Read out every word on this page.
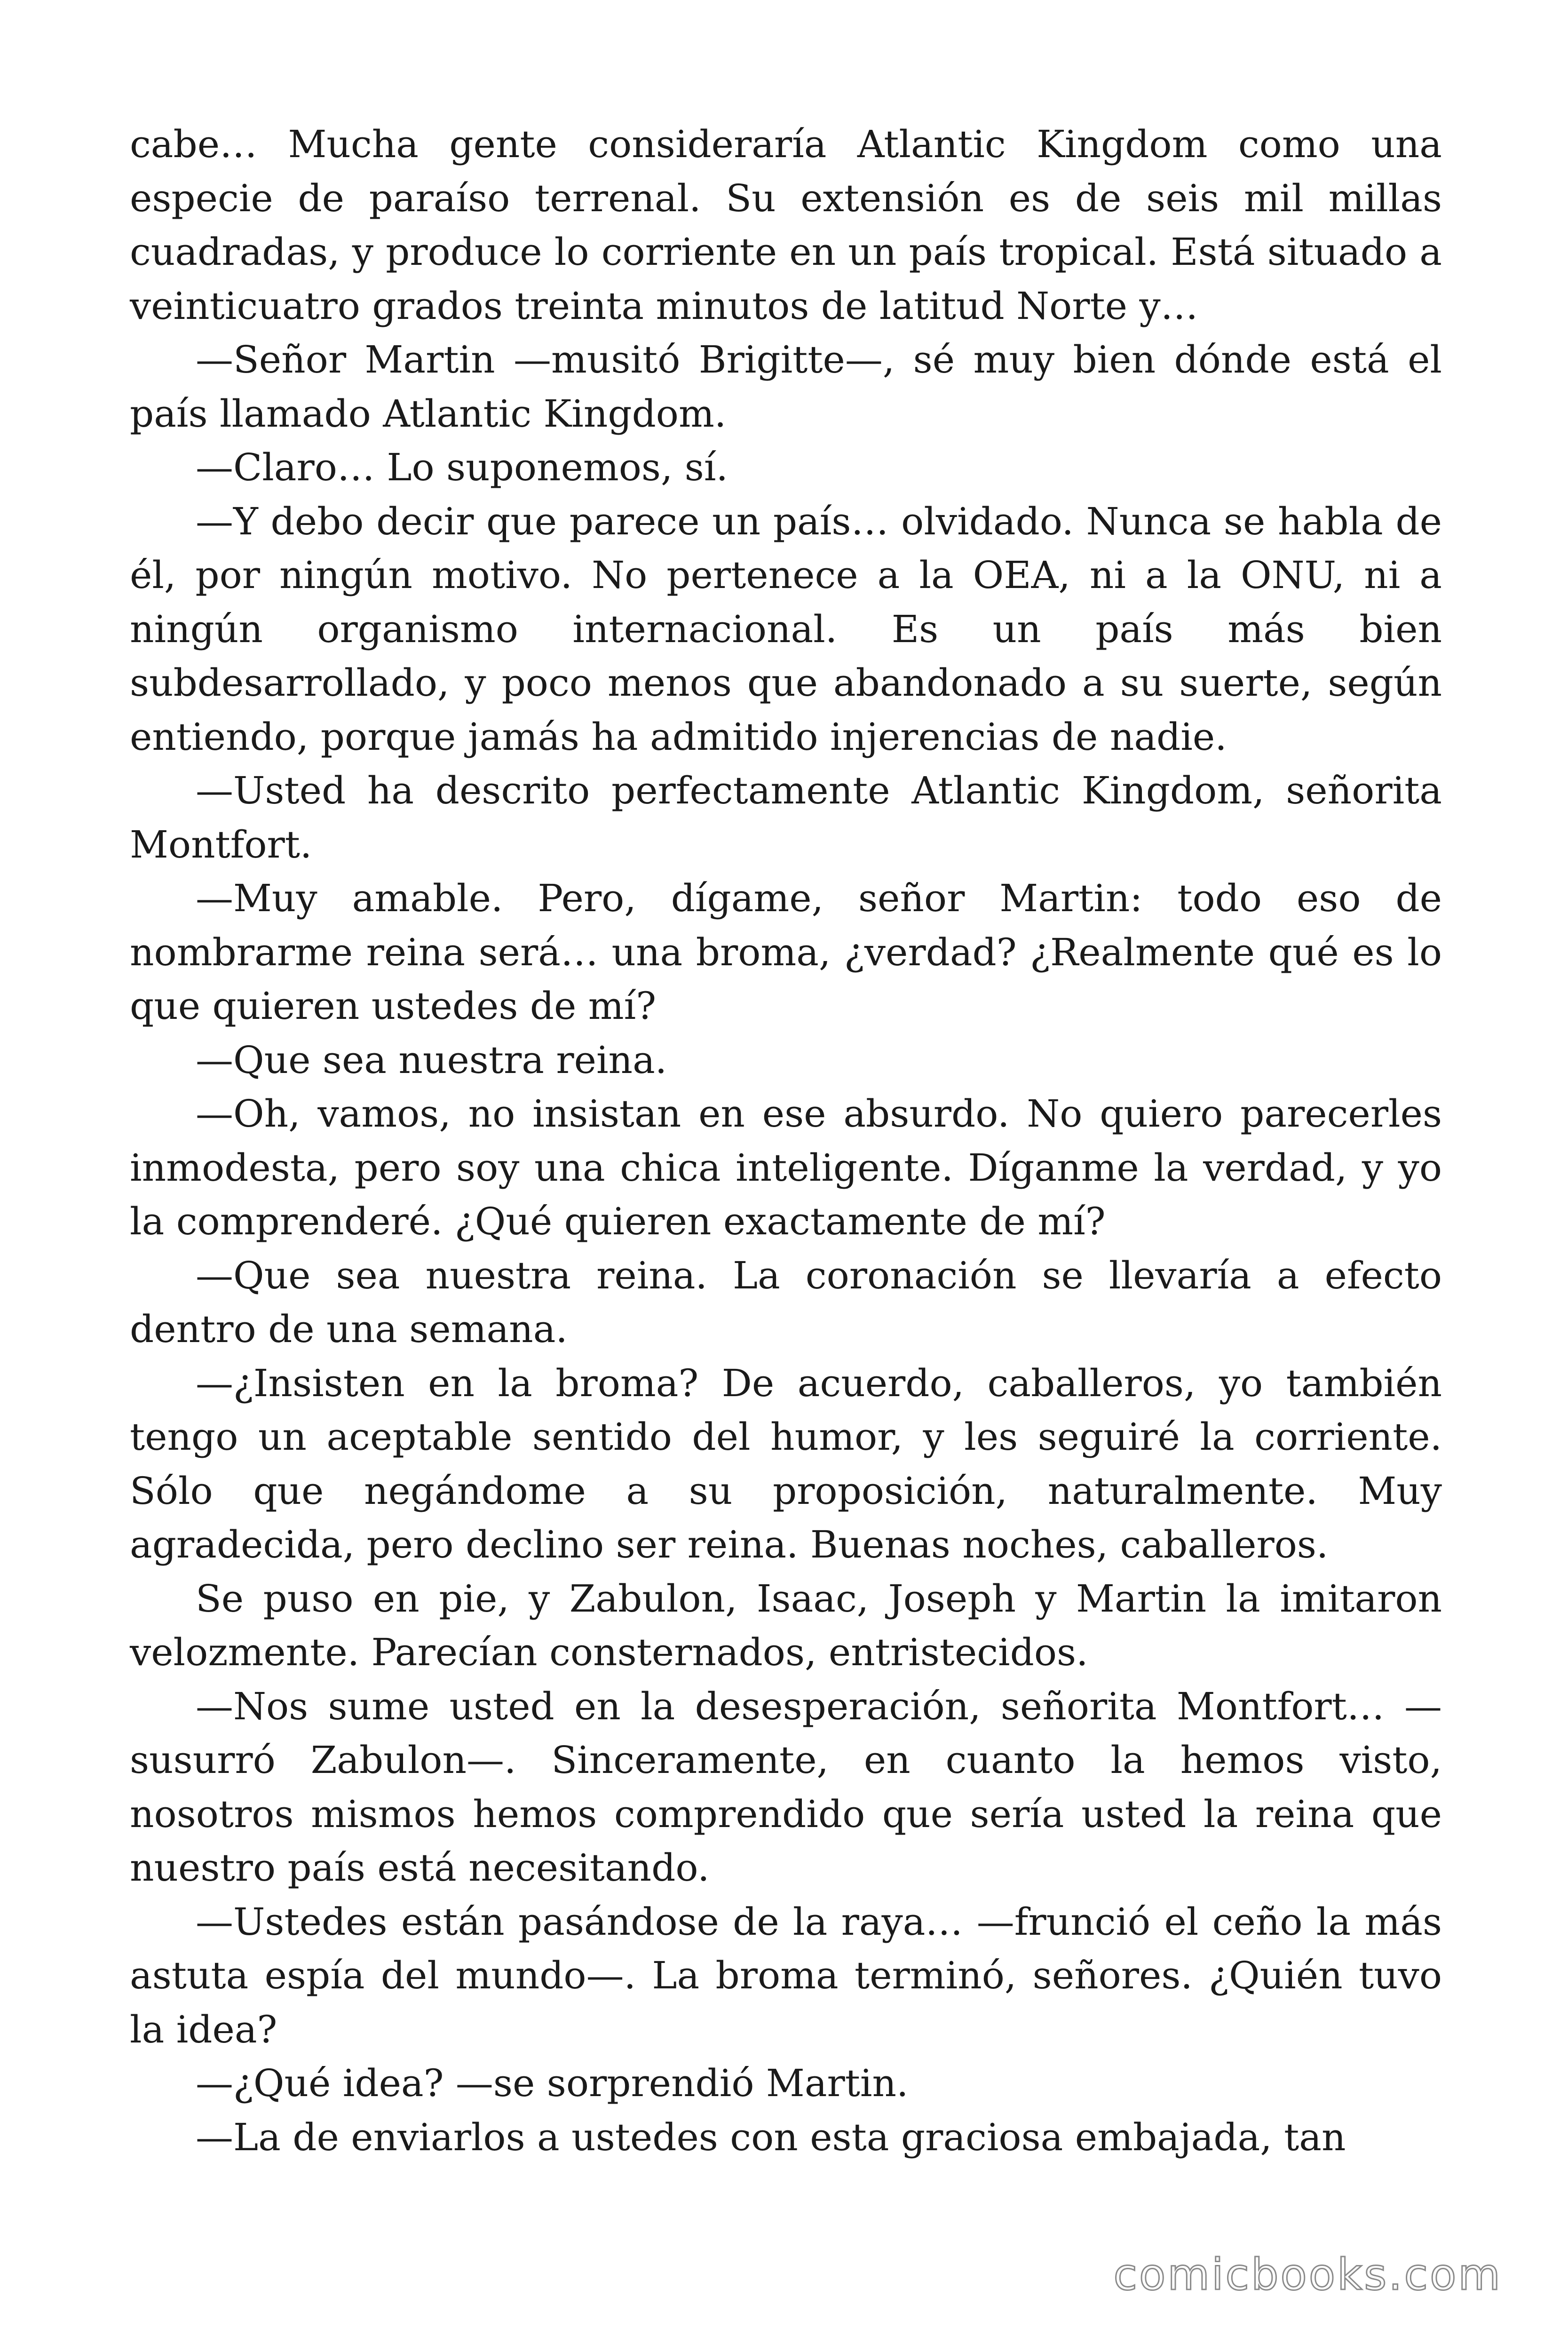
cabe… Mucha gente consideraría Atlantic Kingdom como una especie de paraíso terrenal. Su extensión es de seis mil millas cuadradas, y produce lo corriente en un país tropical. Está situado a veinticuatro grados treinta minutos de latitud Norte y…

—Señor Martin —musitó Brigitte—, sé muy bien dónde está el país llamado Atlantic Kingdom.

—Claro… Lo suponemos, sí.

—Y debo decir que parece un país… olvidado. Nunca se habla de él, por ningún motivo. No pertenece a la OEA, ni a la ONU, ni a ningún organismo internacional. Es un país más bien subdesarrollado, y poco menos que abandonado a su suerte, según entiendo, porque jamás ha admitido injerencias de nadie.

—Usted ha descrito perfectamente Atlantic Kingdom, señorita Montfort.

—Muy amable. Pero, dígame, señor Martin: todo eso de nombrarme reina será… una broma, ¿verdad? ¿Realmente qué es lo que quieren ustedes de mí?

—Que sea nuestra reina.

—Oh, vamos, no insistan en ese absurdo. No quiero parecerles inmodesta, pero soy una chica inteligente. Díganme la verdad, y yo la comprenderé. ¿Qué quieren exactamente de mí?

—Que sea nuestra reina. La coronación se llevaría a efecto dentro de una semana.

—¿Insisten en la broma? De acuerdo, caballeros, yo también tengo un aceptable sentido del humor, y les seguiré la corriente. Sólo que negándome a su proposición, naturalmente. Muy agradecida, pero declino ser reina. Buenas noches, caballeros.

Se puso en pie, y Zabulon, Isaac, Joseph y Martin la imitaron velozmente. Parecían consternados, entristecidos.

—Nos sume usted en la desesperación, señorita Montfort… —susurró Zabulon—. Sinceramente, en cuanto la hemos visto, nosotros mismos hemos comprendido que sería usted la reina que nuestro país está necesitando.

—Ustedes están pasándose de la raya… —frunció el ceño la más astuta espía del mundo—. La broma terminó, señores. ¿Quién tuvo la idea?

—¿Qué idea? —se sorprendió Martin.

—La de enviarlos a ustedes con esta graciosa embajada, tan

comicbooks.com
